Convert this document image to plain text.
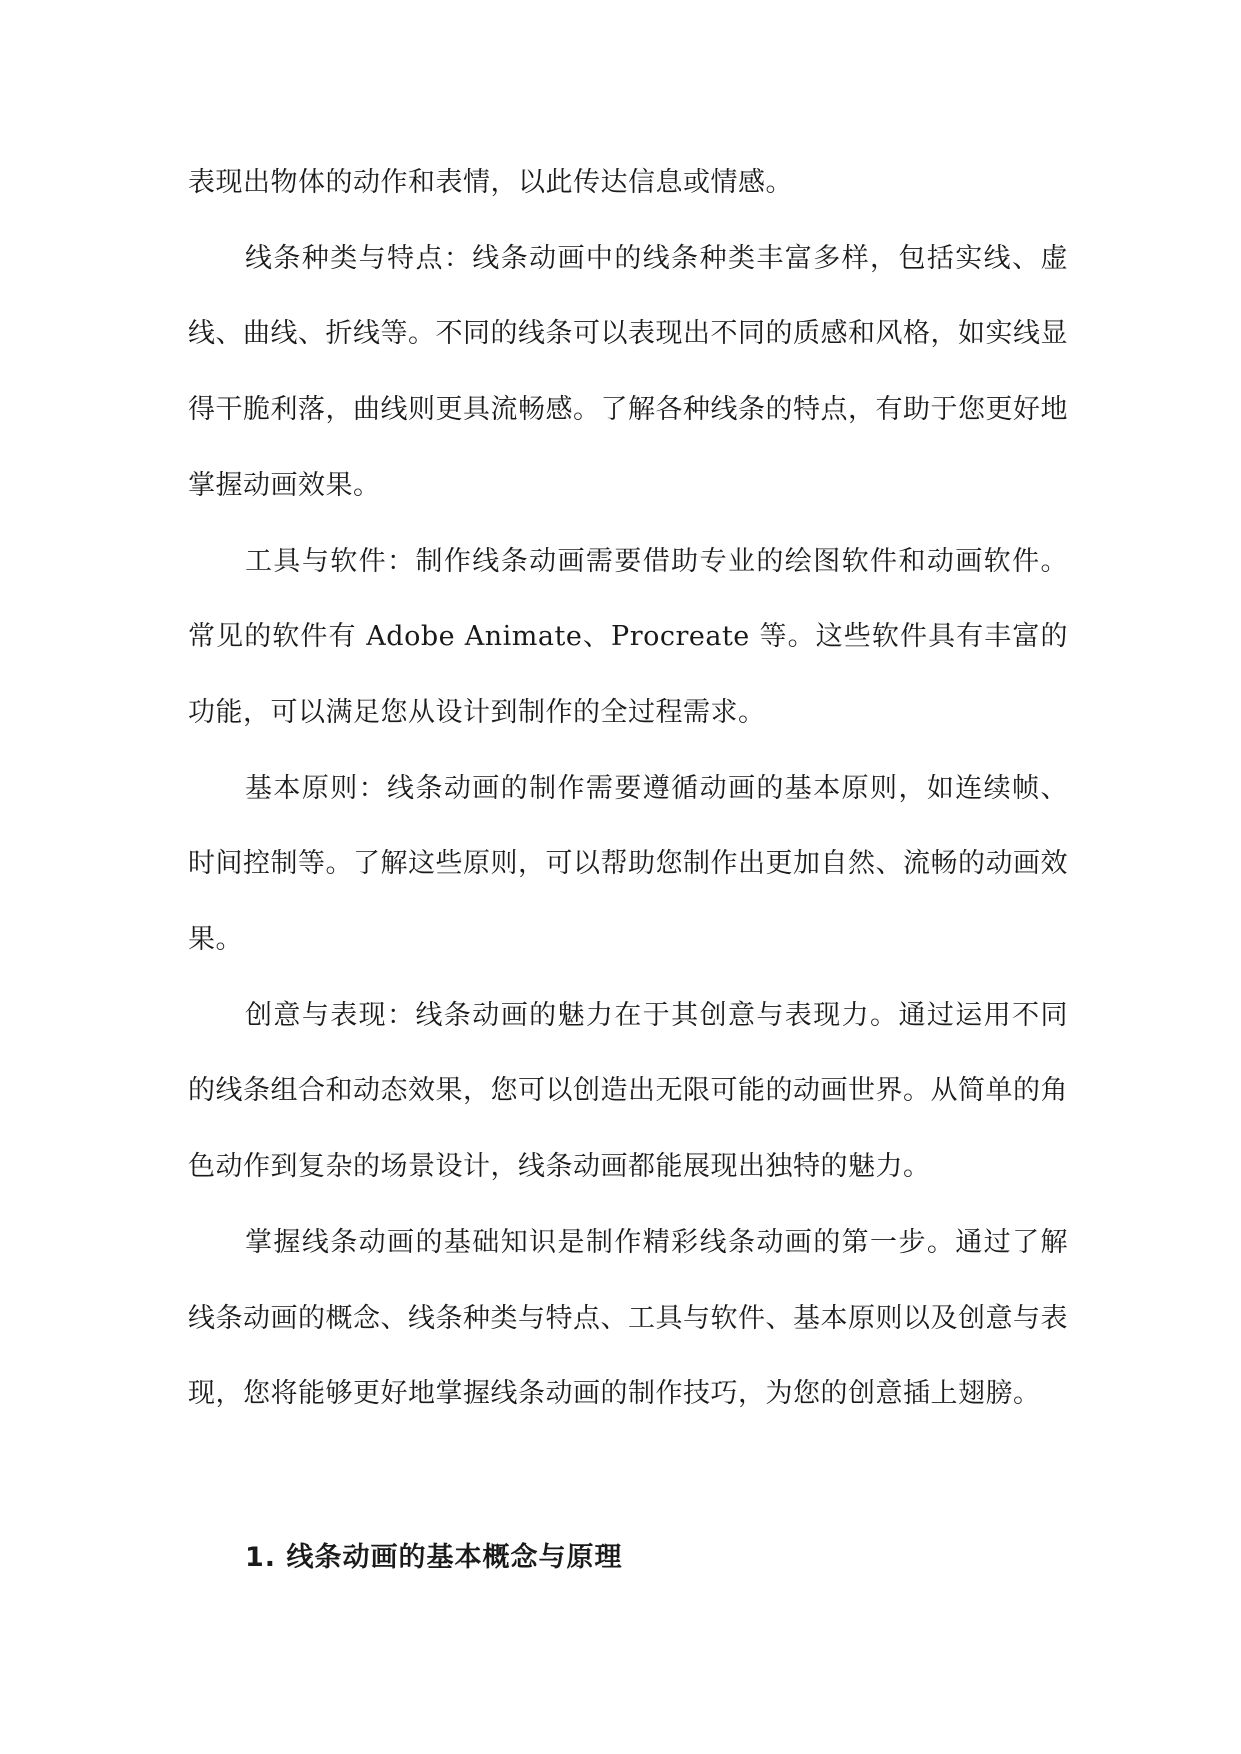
表现出物体的动作和表情，以此传达信息或情感。

线条种类与特点：线条动画中的线条种类丰富多样，包括实线、虚线、曲线、折线等。不同的线条可以表现出不同的质感和风格，如实线显得干脆利落，曲线则更具流畅感。了解各种线条的特点，有助于您更好地掌握动画效果。

工具与软件：制作线条动画需要借助专业的绘图软件和动画软件。常见的软件有 Adobe Animate、Procreate 等。这些软件具有丰富的功能，可以满足您从设计到制作的全过程需求。

基本原则：线条动画的制作需要遵循动画的基本原则，如连续帧、时间控制等。了解这些原则，可以帮助您制作出更加自然、流畅的动画效果。

创意与表现：线条动画的魅力在于其创意与表现力。通过运用不同的线条组合和动态效果，您可以创造出无限可能的动画世界。从简单的角色动作到复杂的场景设计，线条动画都能展现出独特的魅力。

掌握线条动画的基础知识是制作精彩线条动画的第一步。通过了解线条动画的概念、线条种类与特点、工具与软件、基本原则以及创意与表现，您将能够更好地掌握线条动画的制作技巧，为您的创意插上翅膀。

1. 线条动画的基本概念与原理
